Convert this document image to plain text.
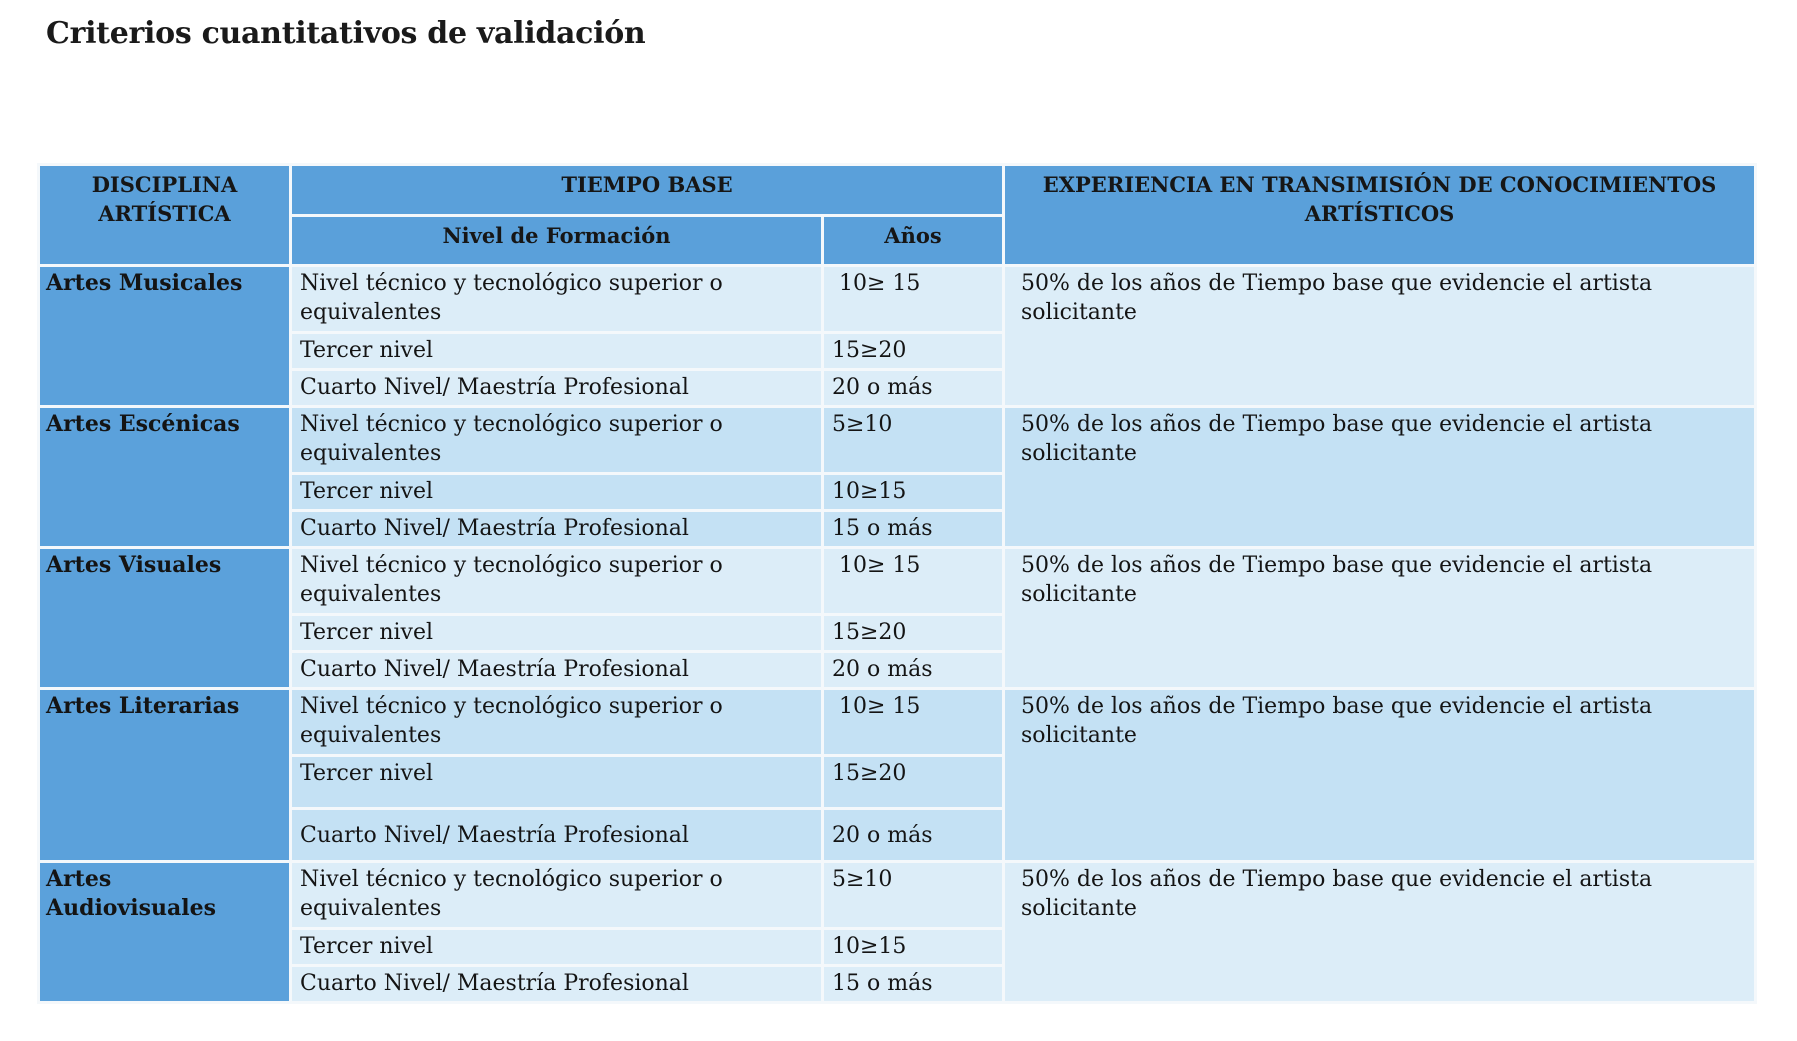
Criterios cuantitativos de validación
DISCIPLINA ARTÍSTICA	TIEMPO BASE		EXPERIENCIA EN TRANSIMISIÓN DE CONOCIMIENTOS ARTÍSTICOS
	Nivel de Formación	Años	
Artes Musicales	Nivel técnico y tecnológico superior o equivalentes	10≥ 15	50% de los años de Tiempo base que evidencie el artista solicitante
	Tercer nivel	15≥20	
	Cuarto Nivel/ Maestría Profesional	20 o más	
Artes Escénicas	Nivel técnico y tecnológico superior o equivalentes	5≥10	50% de los años de Tiempo base que evidencie el artista solicitante
	Tercer nivel	10≥15	
	Cuarto Nivel/ Maestría Profesional	15 o más	
Artes Visuales	Nivel técnico y tecnológico superior o equivalentes	10≥ 15	50% de los años de Tiempo base que evidencie el artista solicitante
	Tercer nivel	15≥20	
	Cuarto Nivel/ Maestría Profesional	20 o más	
Artes Literarias	Nivel técnico y tecnológico superior o equivalentes	10≥ 15	50% de los años de Tiempo base que evidencie el artista solicitante
	Tercer nivel	15≥20	
	Cuarto Nivel/ Maestría Profesional	20 o más	
Artes Audiovisuales	Nivel técnico y tecnológico superior o equivalentes	5≥10	50% de los años de Tiempo base que evidencie el artista solicitante
	Tercer nivel	10≥15	
	Cuarto Nivel/ Maestría Profesional	15 o más	
